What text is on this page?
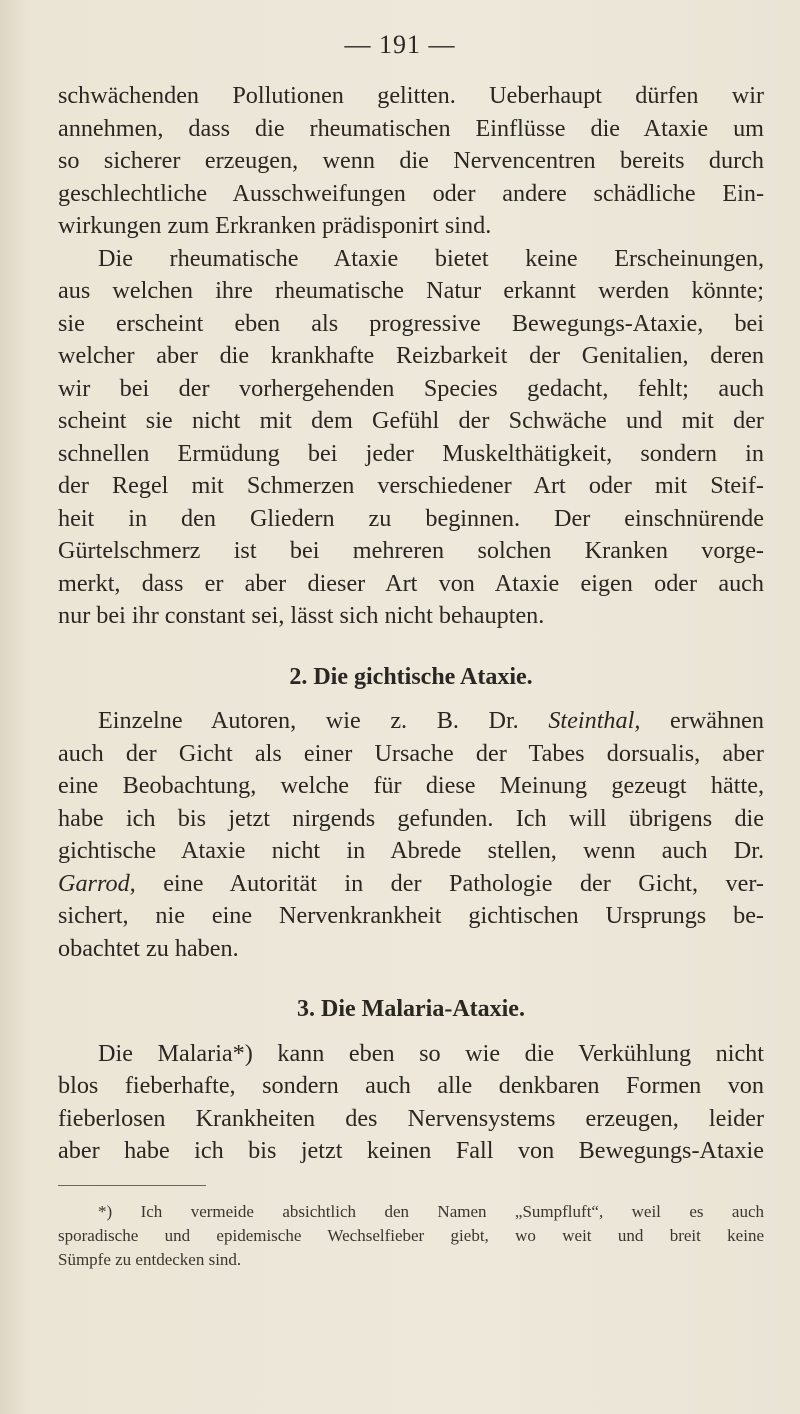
— 191 —
schwächenden Pollutionen gelitten. Ueberhaupt dürfen wir
annehmen, dass die rheumatischen Einflüsse die Ataxie um
so sicherer erzeugen, wenn die Nervencentren bereits durch
geschlechtliche Ausschweifungen oder andere schädliche Ein-
wirkungen zum Erkranken prädisponirt sind.
Die rheumatische Ataxie bietet keine Erscheinungen,
aus welchen ihre rheumatische Natur erkannt werden könnte;
sie erscheint eben als progressive Bewegungs-Ataxie, bei
welcher aber die krankhafte Reizbarkeit der Genitalien, deren
wir bei der vorhergehenden Species gedacht, fehlt; auch
scheint sie nicht mit dem Gefühl der Schwäche und mit der
schnellen Ermüdung bei jeder Muskelthätigkeit, sondern in
der Regel mit Schmerzen verschiedener Art oder mit Steif-
heit in den Gliedern zu beginnen. Der einschnürende
Gürtelschmerz ist bei mehreren solchen Kranken vorge-
merkt, dass er aber dieser Art von Ataxie eigen oder auch
nur bei ihr constant sei, lässt sich nicht behaupten.
2. Die gichtische Ataxie.
Einzelne Autoren, wie z. B. Dr. Steinthal, erwähnen
auch der Gicht als einer Ursache der Tabes dorsualis, aber
eine Beobachtung, welche für diese Meinung gezeugt hätte,
habe ich bis jetzt nirgends gefunden. Ich will übrigens die
gichtische Ataxie nicht in Abrede stellen, wenn auch Dr.
Garrod, eine Autorität in der Pathologie der Gicht, ver-
sichert, nie eine Nervenkrankheit gichtischen Ursprungs be-
obachtet zu haben.
3. Die Malaria-Ataxie.
Die Malaria*) kann eben so wie die Verkühlung nicht
blos fieberhafte, sondern auch alle denkbaren Formen von
fieberlosen Krankheiten des Nervensystems erzeugen, leider
aber habe ich bis jetzt keinen Fall von Bewegungs-Ataxie
*) Ich vermeide absichtlich den Namen „Sumpfluft“, weil es auch
sporadische und epidemische Wechselfieber giebt, wo weit und breit keine
Sümpfe zu entdecken sind.
